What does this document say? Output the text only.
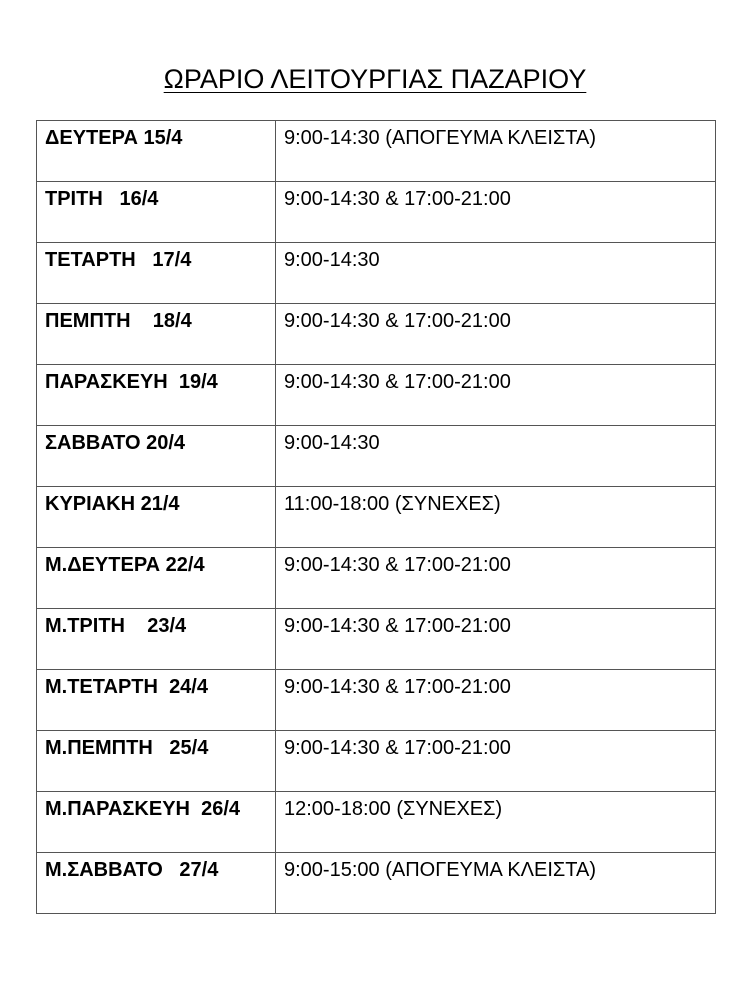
ΩΡΑΡΙΟ ΛΕΙΤΟΥΡΓΙΑΣ ΠΑΖΑΡΙΟΥ
ΔΕΥΤΕΡΑ 15/4	9:00-14:30 (ΑΠΟΓΕΥΜΑ ΚΛΕΙΣΤΑ)

ΤΡΙΤΗ   16/4	9:00-14:30 & 17:00-21:00

ΤΕΤΑΡΤΗ   17/4	9:00-14:30

ΠΕΜΠΤΗ    18/4	9:00-14:30 & 17:00-21:00

ΠΑΡΑΣΚΕΥΗ  19/4	9:00-14:30 & 17:00-21:00

ΣΑΒΒΑΤΟ 20/4	9:00-14:30

ΚΥΡΙΑΚΗ 21/4	11:00-18:00 (ΣΥΝΕΧΕΣ)

Μ.ΔΕΥΤΕΡΑ 22/4	9:00-14:30 & 17:00-21:00

Μ.ΤΡΙΤΗ    23/4	9:00-14:30 & 17:00-21:00

Μ.ΤΕΤΑΡΤΗ  24/4	9:00-14:30 & 17:00-21:00

Μ.ΠΕΜΠΤΗ   25/4	9:00-14:30 & 17:00-21:00

Μ.ΠΑΡΑΣΚΕΥΗ  26/4	12:00-18:00 (ΣΥΝΕΧΕΣ)

Μ.ΣΑΒΒΑΤΟ   27/4	9:00-15:00 (ΑΠΟΓΕΥΜΑ ΚΛΕΙΣΤΑ)
